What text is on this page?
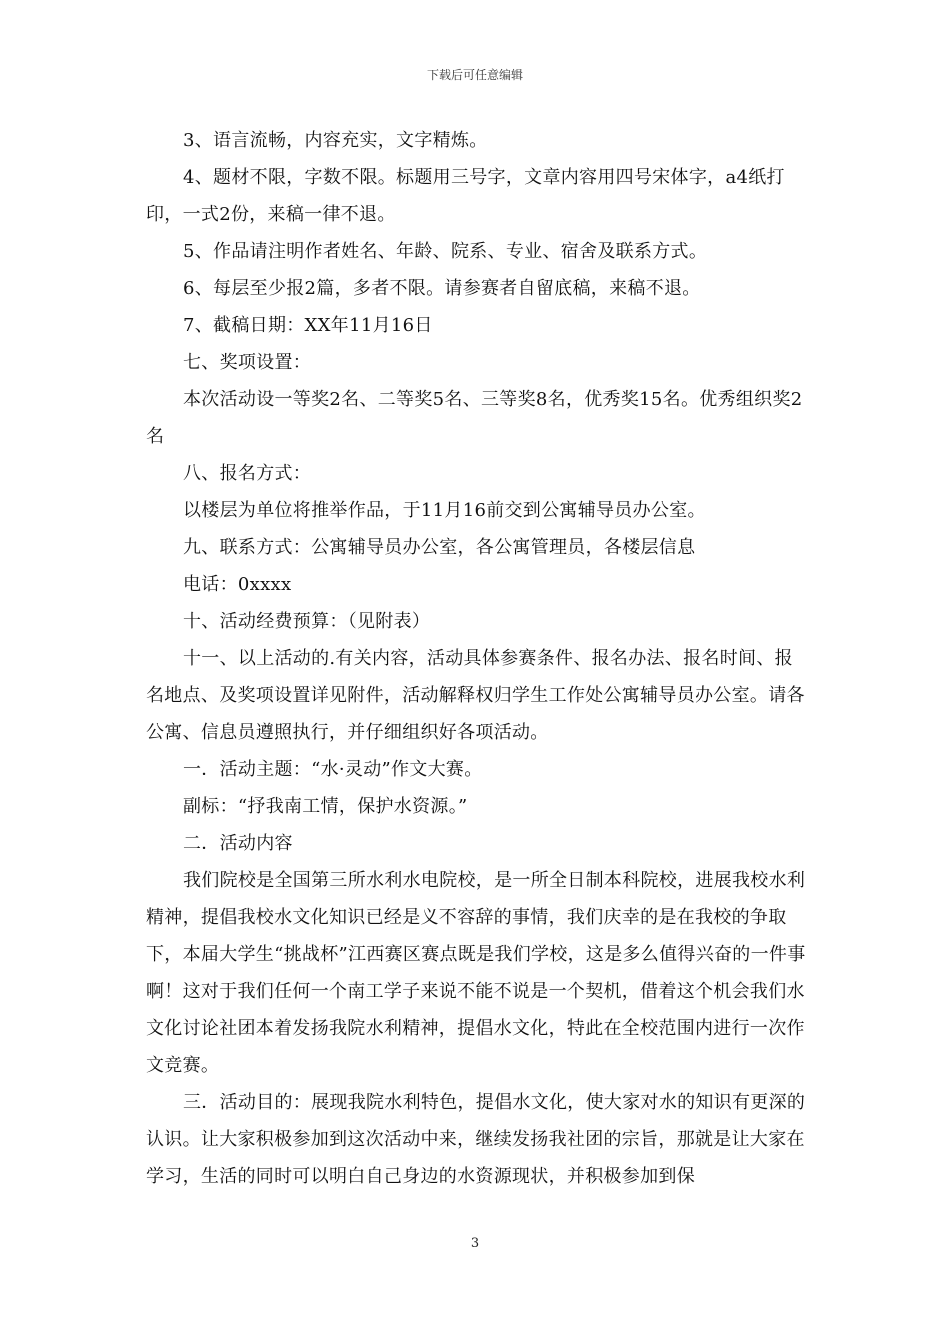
下载后可任意编辑

3、语言流畅，内容充实，文字精炼。

4、题材不限，字数不限。标题用三号字，文章内容用四号宋体字，a4纸打印，一式2份，来稿一律不退。

5、作品请注明作者姓名、年龄、院系、专业、宿舍及联系方式。

6、每层至少报2篇，多者不限。请参赛者自留底稿，来稿不退。

7、截稿日期：XX年11月16日

七、奖项设置：

本次活动设一等奖2名、二等奖5名、三等奖8名，优秀奖15名。优秀组织奖2名

八、报名方式：

以楼层为单位将推举作品，于11月16前交到公寓辅导员办公室。

九、联系方式：公寓辅导员办公室，各公寓管理员，各楼层信息

电话：0xxxx

十、活动经费预算：（见附表）

十一、以上活动的.有关内容，活动具体参赛条件、报名办法、报名时间、报名地点、及奖项设置详见附件，活动解释权归学生工作处公寓辅导员办公室。请各公寓、信息员遵照执行，并仔细组织好各项活动。

一．活动主题：“水·灵动”作文大赛。

副标：“抒我南工情，保护水资源。”

二．活动内容

我们院校是全国第三所水利水电院校，是一所全日制本科院校，进展我校水利精神，提倡我校水文化知识已经是义不容辞的事情，我们庆幸的是在我校的争取下，本届大学生“挑战杯”江西赛区赛点既是我们学校，这是多么值得兴奋的一件事啊！这对于我们任何一个南工学子来说不能不说是一个契机，借着这个机会我们水文化讨论社团本着发扬我院水利精神，提倡水文化，特此在全校范围内进行一次作文竞赛。

三．活动目的：展现我院水利特色，提倡水文化，使大家对水的知识有更深的认识。让大家积极参加到这次活动中来，继续发扬我社团的宗旨，那就是让大家在学习，生活的同时可以明白自己身边的水资源现状，并积极参加到保

3
